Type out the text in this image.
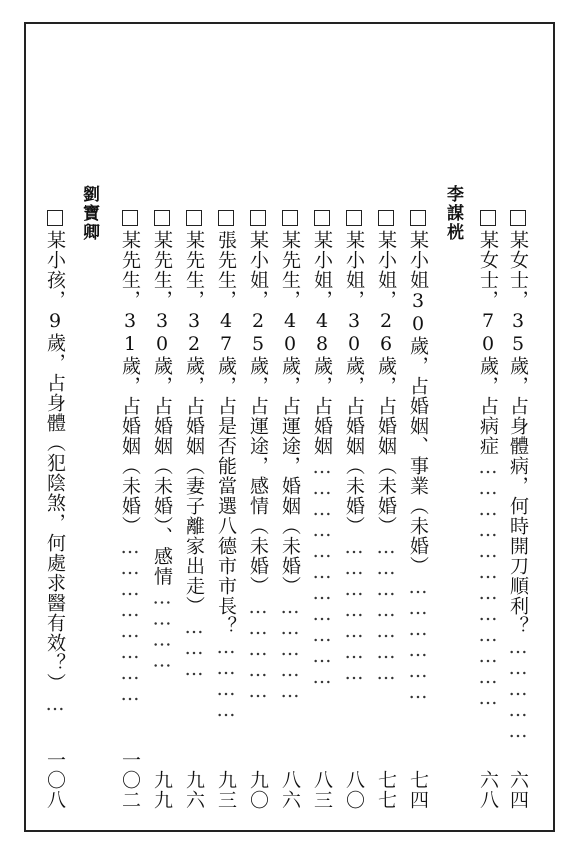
某女士，35歲，占身體病，何時開刀順利？……………
六四
某女士，70歲，占病症………………………………
六八
李謀桄
某小姐30歲，占婚姻、事業（未婚）………………
七四
某小姐，26歲，占婚姻（未婚）…………………
七七
某小姐，30歲，占婚姻（未婚）…………………
八〇
某小姐，48歲，占婚姻……………………………
八三
某先生，40歲，占運途，婚姻（未婚）……………
八六
某小姐，25歲，占運途，感情（未婚）……………
九〇
張先生，47歲，占是否能當選八德市市長？…………
九三
某先生，32歲，占婚姻（妻子離家出走）………
九六
某先生，30歲，占婚姻（未婚）、感情…………
九九
某先生，31歲，占婚姻（未婚）……………………
一〇二
劉寶卿
某小孩，9歲，占身體（犯陰煞，何處求醫有效？）…
一〇八
